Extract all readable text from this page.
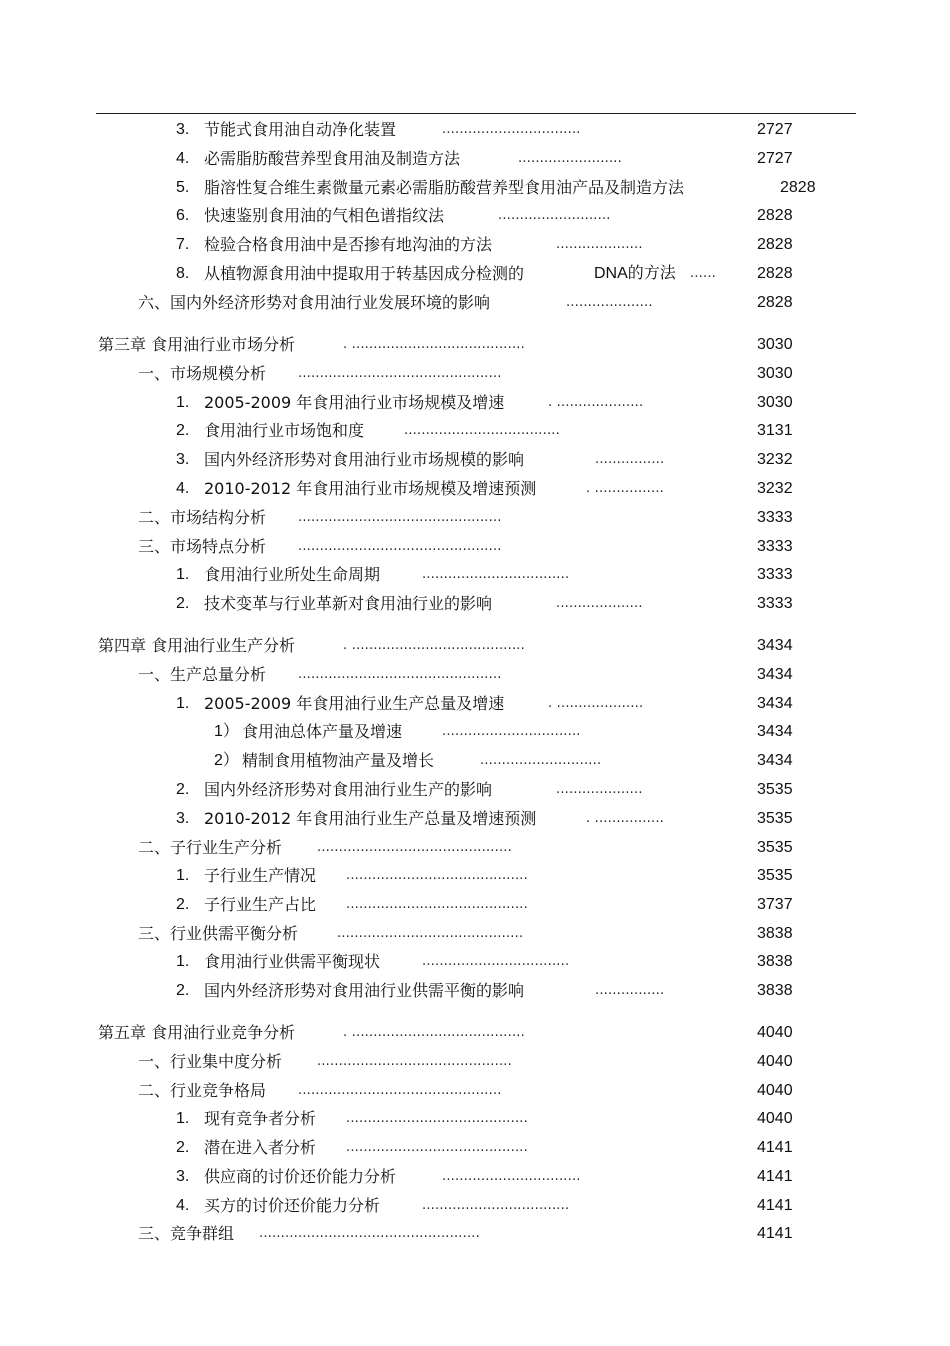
3. 节能式食用油自动净化装置	................................	2727
4. 必需脂肪酸营养型食用油及制造方法	........................	2727
5. 脂溶性复合维生素微量元素必需脂肪酸营养型食用油产品及制造方法	2828
6. 快速鉴别食用油的气相色谱指纹法	..........................	2828
7. 检验合格食用油中是否掺有地沟油的方法	....................	2828
8. 从植物源食用油中提取用于转基因成分检测的	DNA的方法 ......	2828
六、国内外经济形势对食用油行业发展环境的影响	....................	2828
第三章 食用油行业市场分析	. ........................................	3030
一、市场规模分析 ...............................................	3030
1. 2005-2009 年食用油行业市场规模及增速	. ....................	3030
2. 食用油行业市场饱和度	....................................	3131
3. 国内外经济形势对食用油行业市场规模的影响	................	3232
4. 2010-2012 年食用油行业市场规模及增速预测	. ................	3232
二、市场结构分析 ...............................................	3333
三、市场特点分析 ...............................................	3333
1. 食用油行业所处生命周期	..................................	3333
2. 技术变革与行业革新对食用油行业的影响	....................	3333
第四章 食用油行业生产分析	. ........................................	3434
一、生产总量分析 ...............................................	3434
1. 2005-2009 年食用油行业生产总量及增速	. ....................	3434
1） 食用油总体产量及增速	................................	3434
2） 精制食用植物油产量及增长	............................	3434
2. 国内外经济形势对食用油行业生产的影响	....................	3535
3. 2010-2012 年食用油行业生产总量及增速预测	. ................	3535
二、子行业生产分析	.............................................	3535
1. 子行业生产情况 ..........................................	3535
2. 子行业生产占比 ..........................................	3737
三、行业供需平衡分析	...........................................	3838
1. 食用油行业供需平衡现状	..................................	3838
2. 国内外经济形势对食用油行业供需平衡的影响	................	3838
第五章 食用油行业竞争分析	. ........................................	4040
一、行业集中度分析	.............................................	4040
二、行业竞争格局 ...............................................	4040
1. 现有竞争者分析 ..........................................	4040
2. 潜在进入者分析 ..........................................	4141
3. 供应商的讨价还价能力分析	................................	4141
4. 买方的讨价还价能力分析	..................................	4141
三、竞争群组 ...................................................	4141
